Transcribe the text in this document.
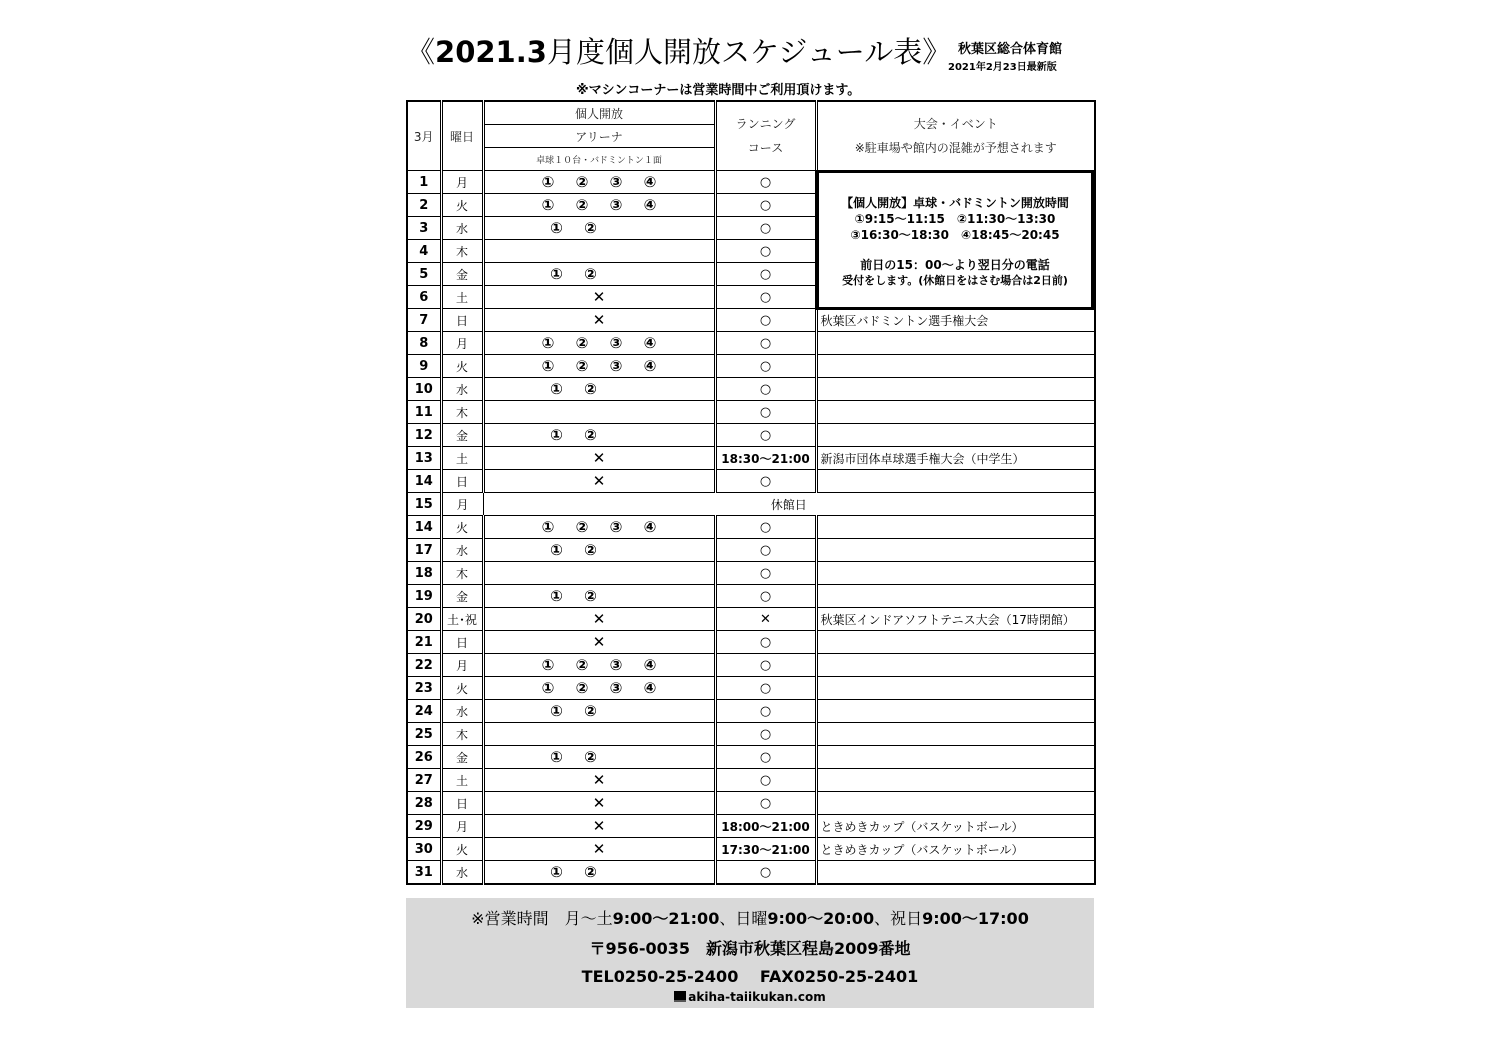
《2021.3月度個人開放スケジュール表》 秋葉区総合体育館
2021年2月23日最新版
※マシンコーナーは営業時間中ご利用頂けます。
3月	曜日	個人開放	ランニング
コース	大会・イベント
※駐車場や館内の混雑が予想されます
		アリーナ		
		卓球１０台・バドミントン１面		
1	月	① ② ③ ④	○	
2	火	① ② ③ ④	○	
3	水	① ②	○	
4	木		○	
5	金	① ②	○	
6	土	✕	○	
7	日	✕	○	秋葉区バドミントン選手権大会
8	月	① ② ③ ④	○	
9	火	① ② ③ ④	○	
10	水	① ②	○	
11	木		○	
12	金	① ②	○	
13	土	✕	18:30～21:00	新潟市団体卓球選手権大会（中学生）
14	日	✕	○	
15	月	休館日		
14	火	① ② ③ ④	○	
17	水	① ②	○	
18	木		○	
19	金	① ②	○	
20	土･祝	✕	✕	秋葉区インドアソフトテニス大会（17時閉館）
21	日	✕	○	
22	月	① ② ③ ④	○	
23	火	① ② ③ ④	○	
24	水	① ②	○	
25	木		○	
26	金	① ②	○	
27	土	✕	○	
28	日	✕	○	
29	月	✕	18:00～21:00	ときめきカップ（バスケットボール）
30	火	✕	17:30～21:00	ときめきカップ（バスケットボール）
31	水	① ②	○	
【個人開放】卓球・バドミントン開放時間
①9:15～11:15　②11:30～13:30
③16:30～18:30　④18:45～20:45
前日の15：00～より翌日分の電話
受付をします。(休館日をはさむ場合は2日前)
※営業時間　月～土9:00～21:00、日曜9:00～20:00、祝日9:00～17:00
〒956-0035　新潟市秋葉区程島2009番地
TEL0250-25-2400　 FAX0250-25-2401
akiha-taiikukan.com
